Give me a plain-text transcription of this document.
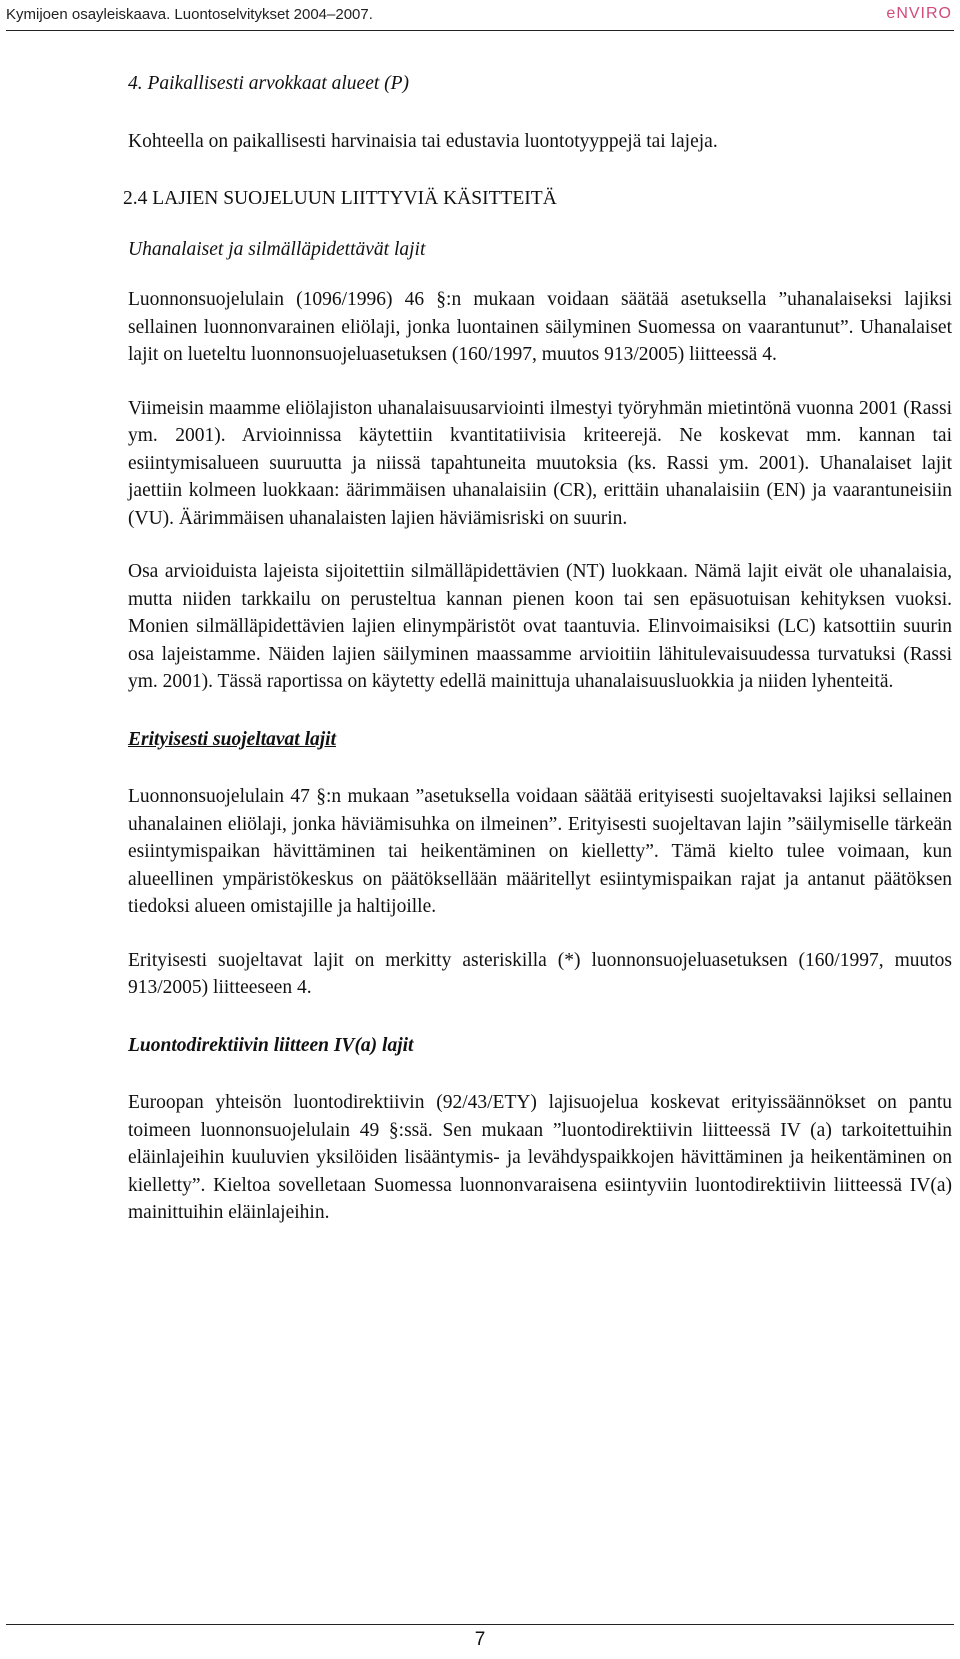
Kymijoen osayleiskaava. Luontoselvitykset 2004–2007.	eNVIRO

4. Paikallisesti arvokkaat alueet (P)

Kohteella on paikallisesti harvinaisia tai edustavia luontotyyppejä tai lajeja.

2.4 LAJIEN SUOJELUUN LIITTYVIÄ KÄSITTEITÄ

Uhanalaiset ja silmälläpidettävät lajit

Luonnonsuojelulain (1096/1996) 46 §:n mukaan voidaan säätää asetuksella ”uhanalaiseksi lajiksi sellainen luonnonvarainen eliölaji, jonka luontainen säilyminen Suomessa on vaarantunut”. Uhanalaiset lajit on lueteltu luonnonsuojeluasetuksen (160/1997, muutos 913/2005) liitteessä 4.

Viimeisin maamme eliölajiston uhanalaisuusarviointi ilmestyi työryhmän mietintönä vuonna 2001 (Rassi ym. 2001). Arvioinnissa käytettiin kvantitatiivisia kriteerejä. Ne koskevat mm. kannan tai esiintymisalueen suuruutta ja niissä tapahtuneita muutoksia (ks. Rassi ym. 2001). Uhanalaiset lajit jaettiin kolmeen luokkaan: äärimmäisen uhanalaisiin (CR), erittäin uhanalaisiin (EN) ja vaarantuneisiin (VU). Äärimmäisen uhanalaisten lajien häviämisriski on suurin.

Osa arvioiduista lajeista sijoitettiin silmälläpidettävien (NT) luokkaan. Nämä lajit eivät ole uhanalaisia, mutta niiden tarkkailu on perusteltua kannan pienen koon tai sen epäsuotuisan kehityksen vuoksi. Monien silmälläpidettävien lajien elinympäristöt ovat taantuvia. Elinvoimaisiksi (LC) katsottiin suurin osa lajeistamme. Näiden lajien säilyminen maassamme arvioitiin lähitulevaisuudessa turvatuksi (Rassi ym. 2001). Tässä raportissa on käytetty edellä mainittuja uhanalaisuusluokkia ja niiden lyhenteitä.

Erityisesti suojeltavat lajit

Luonnonsuojelulain 47 §:n mukaan ”asetuksella voidaan säätää erityisesti suojeltavaksi lajiksi sellainen uhanalainen eliölaji, jonka häviämisuhka on ilmeinen”. Erityisesti suojeltavan lajin ”säilymiselle tärkeän esiintymispaikan hävittäminen tai heikentäminen on kielletty”. Tämä kielto tulee voimaan, kun alueellinen ympäristökeskus on päätöksellään määritellyt esiintymispaikan rajat ja antanut päätöksen tiedoksi alueen omistajille ja haltijoille.

Erityisesti suojeltavat lajit on merkitty asteriskilla (*) luonnonsuojeluasetuksen (160/1997, muutos 913/2005) liitteeseen 4.

Luontodirektiivin liitteen IV(a) lajit

Euroopan yhteisön luontodirektiivin (92/43/ETY) lajisuojelua koskevat erityissäännökset on pantu toimeen luonnonsuojelulain 49 §:ssä. Sen mukaan ”luontodirektiivin liitteessä IV (a) tarkoitettuihin eläinlajeihin kuuluvien yksilöiden lisääntymis- ja levähdyspaikkojen hävittäminen ja heikentäminen on kielletty”. Kieltoa sovelletaan Suomessa luonnonvaraisena esiintyviin luontodirektiivin liitteessä IV(a) mainittuihin eläinlajeihin.

7
